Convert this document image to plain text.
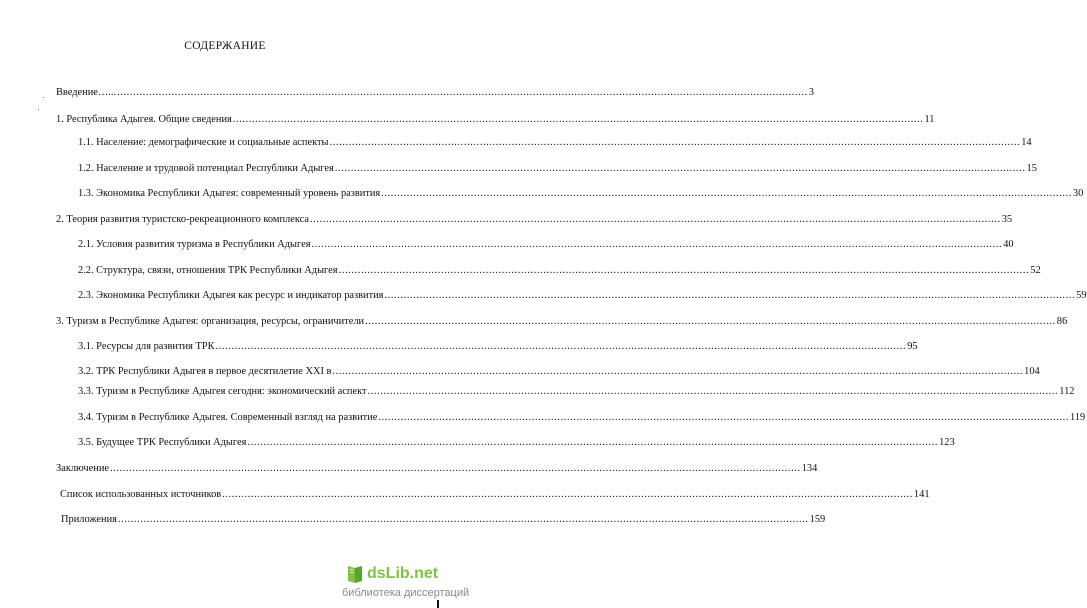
СОДЕРЖАНИЕ
Введение…... .....	3
1. Республика Адыгея. Общие сведения .....	11
1.1. Население: демографические и социальные аспекты .....	14
1.2. Население и трудовой потенциал Республики Адыгея .....	15
1.3. Экономика Республики Адыгея: современный уровень развития .....	30
2. Теория развития туристско-рекреационного комплекса .....	35
2.1. Условия развития туризма в Республики Адыгея .....	40
2.2. Структура, связи, отношения ТРК Республики Адыгея .....	52
2.3. Экономика Республики Адыгея как ресурс и индикатор развития .....	59
3. Туризм в Республике Адыгея: организация, ресурсы, ограничители .....	86
3.1. Ресурсы для развития ТРК .....	95
3.2. ТРК Республики Адыгея в первое десятилетие XXI в .....	104
3.3. Туризм в Республике Адыгея сегодня: экономический аспект .....	112
3.4. Туризм в Республике Адыгея. Современный взгляд на развитие .....	119
3.5. Будущее ТРК Республики Адыгея .....	123
Заключение .....	134
Список использованных источников .....	141
Приложения .....	159
dsLib.net
библиотека диссертаций
